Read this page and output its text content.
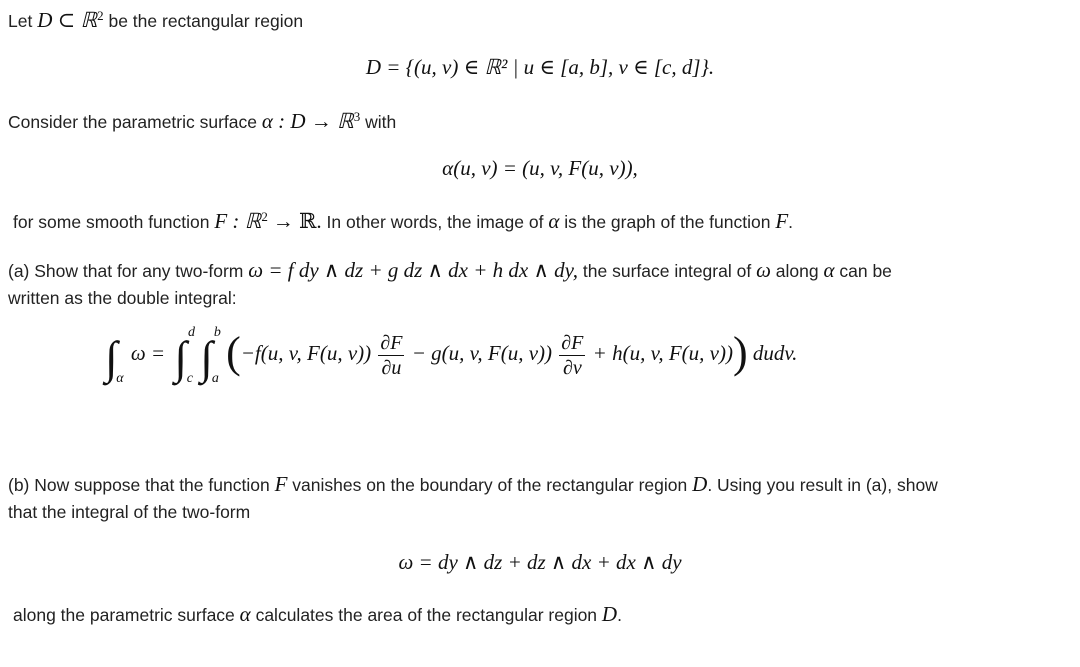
Let D ⊂ ℝ$^2$ be the rectangular region
D = {(u, v) ∈ ℝ² | u ∈ [a, b], v ∈ [c, d]}.
Consider the parametric surface α : D → ℝ$^3$ with
α(u, v) = (u, v, F(u, v)),
for some smooth function F : ℝ$^2$ → ℝ. In other words, the image of α is the graph of the function F.
(a) Show that for any two-form ω = f dy ∧ dz + g dz ∧ dx + h dx ∧ dy, the surface integral of ω along α can be
written as the double integral:
∫
α
ω = ∫ d
c ∫ b
a
(−f(u, v, F(u, $v)) \frac{\partial F}{\partial u} - g(u$, v, F(u, $v)) \frac{\partial F}{\partial v} + h(u$, v, F(u, v))) dudv.
(b) Now suppose that the function F vanishes on the boundary of the rectangular region D. Using you result in (a), show
that the integral of the two-form
ω = dy ∧ dz + dz ∧ dx + dx ∧ dy
along the parametric surface α calculates the area of the rectangular region D.
